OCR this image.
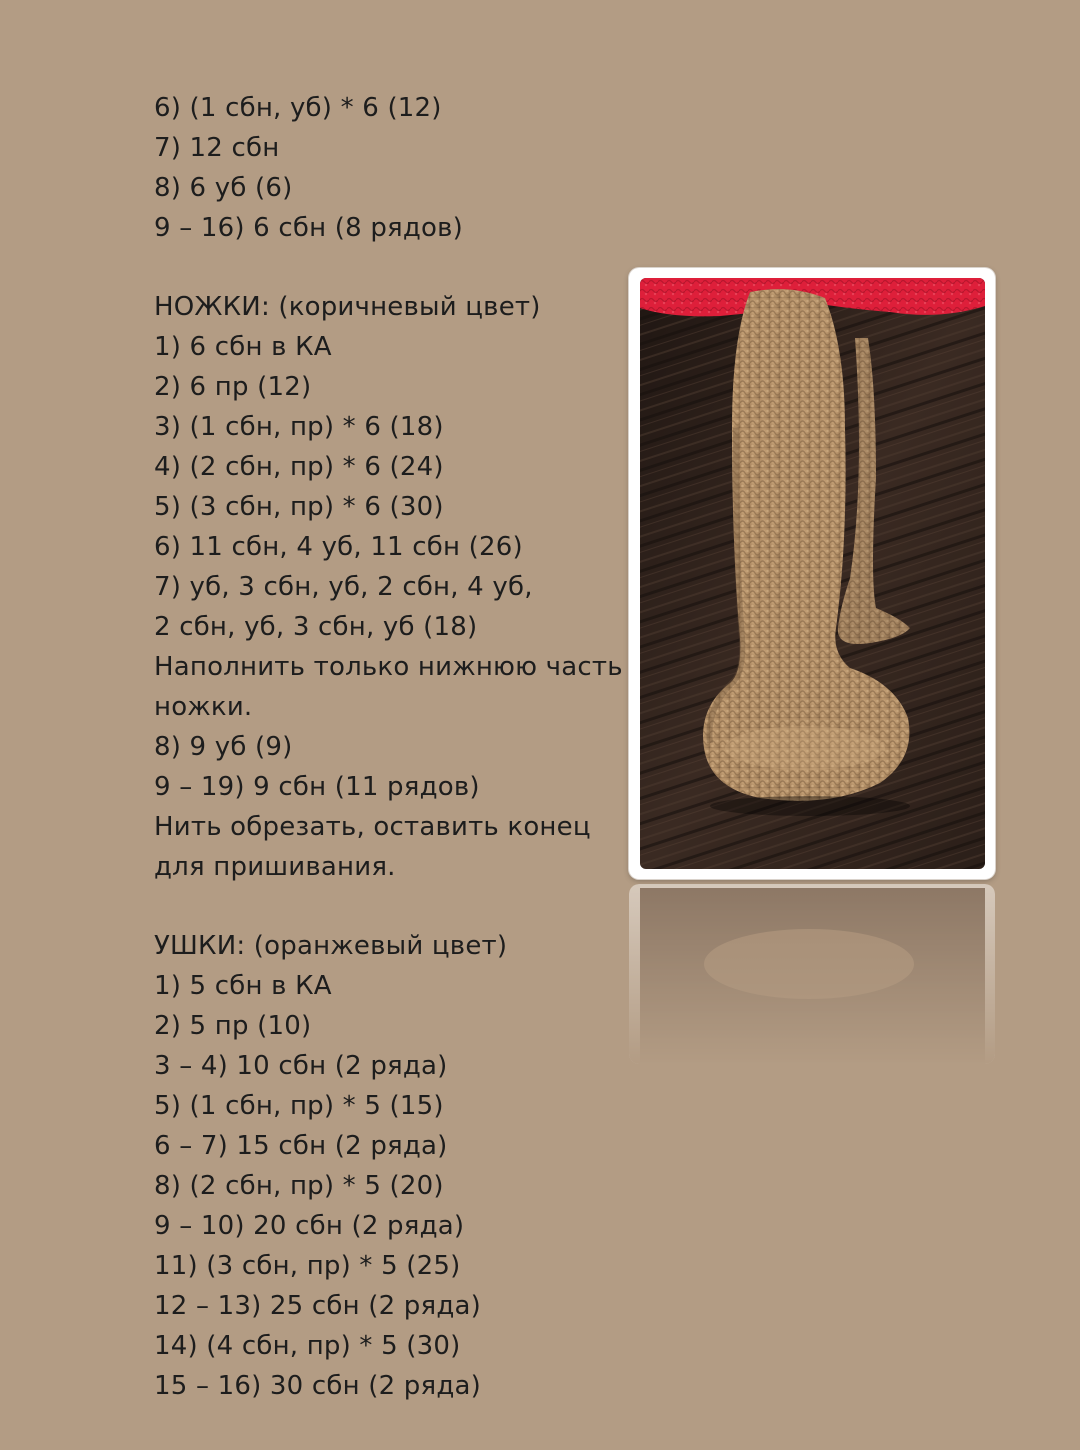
6) (1 сбн, уб) * 6 (12)
7) 12 сбн
8) 6 уб (6)
9 – 16) 6 сбн (8 рядов)
НОЖКИ: (коричневый цвет)
1) 6 сбн в КА
2) 6 пр (12)
3) (1 сбн, пр) * 6 (18)
4) (2 сбн, пр) * 6 (24)
5) (3 сбн, пр) * 6 (30)
6) 11 сбн, 4 уб, 11 сбн (26)
7) уб, 3 сбн, уб, 2 сбн, 4 уб,
2 сбн, уб, 3 сбн, уб (18)
Наполнить только нижнюю часть
ножки.
8) 9 уб (9)
9 – 19) 9 сбн (11 рядов)
Нить обрезать, оставить конец
для пришивания.
УШКИ: (оранжевый цвет)
1) 5 сбн в КА
2) 5 пр (10)
3 – 4) 10 сбн (2 ряда)
5) (1 сбн, пр) * 5 (15)
6 – 7) 15 сбн (2 ряда)
8) (2 сбн, пр) * 5 (20)
9 – 10) 20 сбн (2 ряда)
11) (3 сбн, пр) * 5 (25)
12 – 13) 25 сбн (2 ряда)
14) (4 сбн, пр) * 5 (30)
15 – 16) 30 сбн (2 ряда)
